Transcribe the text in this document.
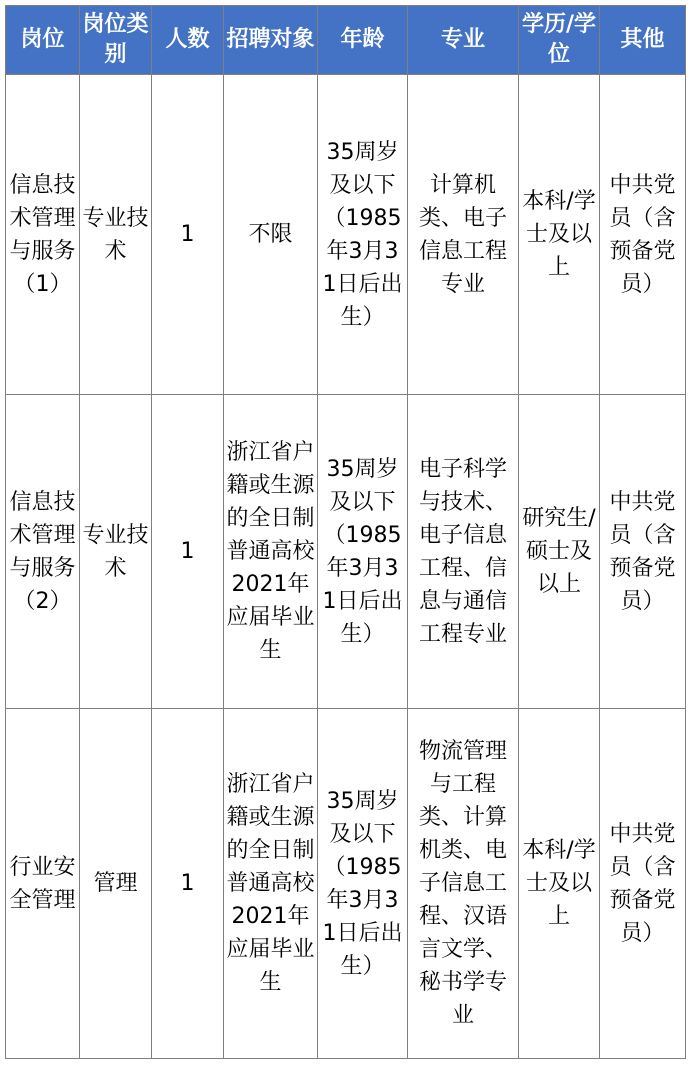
岗位	岗位类别	人数	招聘对象	年龄	专业	学历/学位	其他

信息技术管理与服务（1）	专业技术	1	不限	35周岁及以下（1985年3月31日后出生）	计算机类、电子信息工程专业	本科/学士及以上	中共党员（含预备党员）

信息技术管理与服务（2）	专业技术	1	浙江省户籍或生源的全日制普通高校2021年应届毕业生	35周岁及以下（1985年3月31日后出生）	电子科学与技术、电子信息工程、信息与通信工程专业	研究生/硕士及以上	中共党员（含预备党员）

行业安全管理	管理	1	浙江省户籍或生源的全日制普通高校2021年应届毕业生	35周岁及以下（1985年3月31日后出生）	物流管理与工程类、计算机类、电子信息工程、汉语言文学、秘书学专业	本科/学士及以上	中共党员（含预备党员）
